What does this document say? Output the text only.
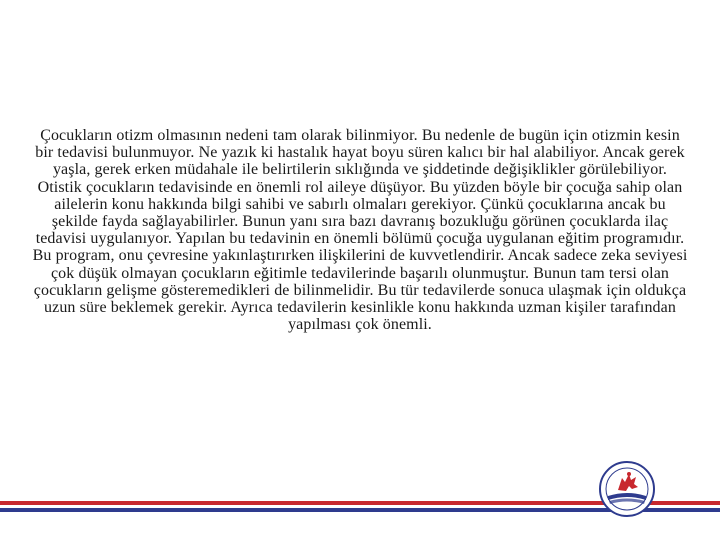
Çocukların otizm olmasının nedeni tam olarak bilinmiyor. Bu nedenle de bugün için otizmin kesin bir tedavisi bulunmuyor. Ne yazık ki hastalık hayat boyu süren kalıcı bir hal alabiliyor. Ancak gerek yaşla, gerek erken müdahale ile belirtilerin sıklığında ve şiddetinde değişiklikler görülebiliyor. Otistik çocukların tedavisinde en önemli rol aileye düşüyor. Bu yüzden böyle bir çocuğa sahip olan ailelerin konu hakkında bilgi sahibi ve sabırlı olmaları gerekiyor. Çünkü çocuklarına ancak bu şekilde fayda sağlayabilirler. Bunun yanı sıra bazı davranış bozukluğu görünen çocuklarda ilaç tedavisi uygulanıyor. Yapılan bu tedavinin en önemli bölümü çocuğa uygulanan eğitim programıdır. Bu program, onu çevresine yakınlaştırırken ilişkilerini de kuvvetlendirir. Ancak sadece zeka seviyesi çok düşük olmayan çocukların eğitimle tedavilerinde başarılı olunmuştur. Bunun tam tersi olan çocukların gelişme gösteremedikleri de bilinmelidir. Bu tür tedavilerde sonuca ulaşmak için oldukça uzun süre beklemek gerekir. Ayrıca tedavilerin kesinlikle konu hakkında uzman kişiler tarafından yapılması çok önemli.
